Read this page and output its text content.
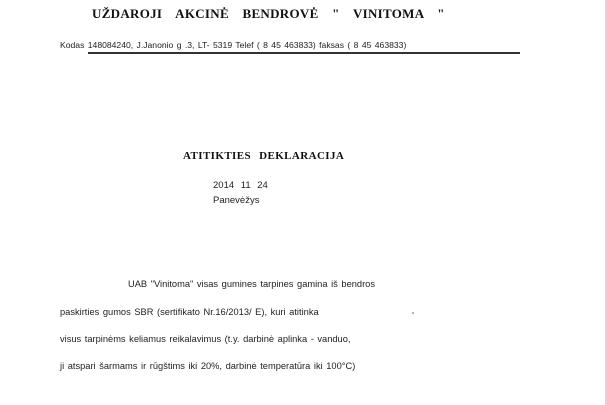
UŽDAROJI AKCINĖ BENDROVĖ " VINITOMA "
Kodas 148084240, J.Janonio g .3, LT- 5319 Telef ( 8 45 463833) faksas ( 8 45 463833)
ATITIKTIES DEKLARACIJA
2014 11 24
Panevėžys
UAB "Vinitoma" visas gumines tarpines gamina iš bendros
paskirties gumos SBR (sertifikato Nr.16/2013/ E), kuri atitinka
visus tarpinėms keliamus reikalavimus (t.y. darbinė aplinka - vanduo,
ji atspari šarmams ir rūgštims iki 20%, darbinė temperatūra iki 100°C)
